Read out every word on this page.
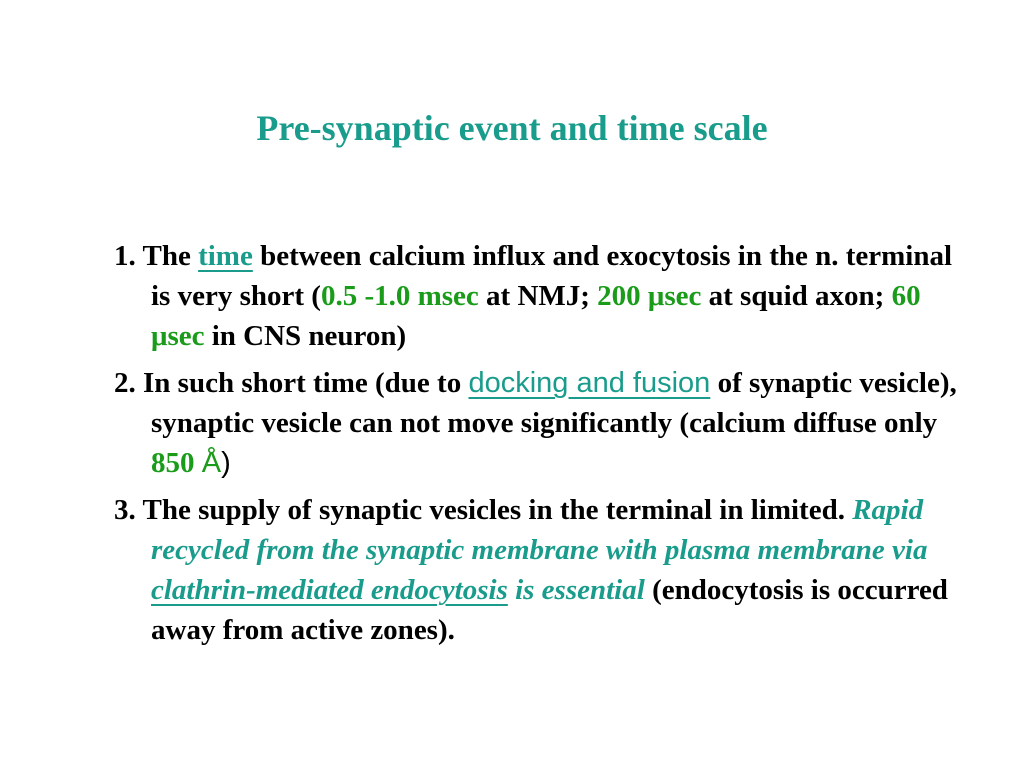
Pre-synaptic event and time scale
1. The time between calcium influx and exocytosis in the n. terminal is very short (0.5 -1.0 msec at NMJ; 200 μsec at squid axon; 60 μsec in CNS neuron)
2. In such short time (due to docking and fusion of synaptic vesicle), synaptic vesicle can not move significantly (calcium diffuse only 850 Å)
3. The supply of synaptic vesicles in the terminal in limited. Rapid recycled from the synaptic membrane with plasma membrane via clathrin-mediated endocytosis is essential (endocytosis is occurred away from active zones).
